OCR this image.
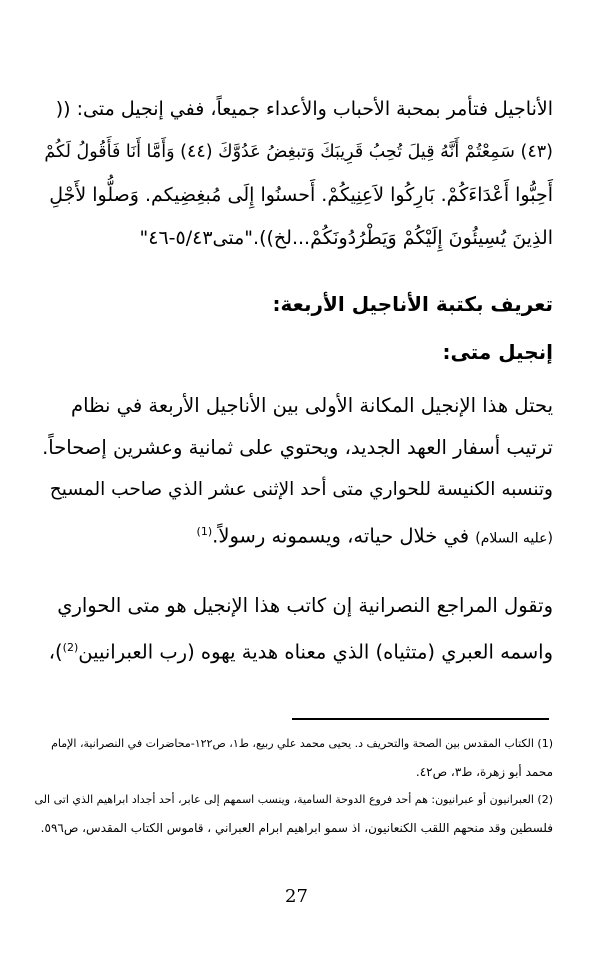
الأناجيل فتأمر بمحبة الأحباب والأعداء جميعاً، ففي إنجيل متى: ((
(٤٣) سَمِعْتُمْ أَنَّهُ قِيلَ تُحِبُ قَرِيبَكَ وَتبغِضُ عَدُوَّكَ (٤٤) وَأَمَّا أَنَا فَأَقُولُ لَكُمْ
أَحِبُّوا أَعْدَاءَكُمْ. بَارِكُوا لاَعِنِيكُمْ. أَحسنُوا إِلَى مُبغِضِيكم. وَصلُّوا لأَجْلِ
الذِينَ يُسِيئُونَ إِلَيْكُمْ وَيَطْرُدُونَكُمْ...لخ))."متى٥/٤٣-٤٦"
تعريف بكتبة الأناجيل الأربعة:
إنجيل متى:
يحتل هذا الإنجيل المكانة الأولى بين الأناجيل الأربعة في نظام
ترتيب أسفار العهد الجديد، ويحتوي على ثمانية وعشرين إصحاحاً.
وتنسبه الكنيسة للحواري متى أحد الإثنى عشر الذي صاحب المسيح
(عليه السلام) في خلال حياته، ويسمونه رسولاً.$^{(1)}$
وتقول المراجع النصرانية إن كاتب هذا الإنجيل هو متى الحواري
واسمه العبري (متثياه) الذي معناه هدية يهوه (رب العبرانيين$^{(2)}$)،
(1) الكتاب المقدس بين الصحة والتحريف د. يحيى محمد علي ربيع، ط١، ص١٢٢-محاضرات في النصرانية، الإمام
محمد أبو زهرة، ط٣، ص٤٢.
(2) العبرانيون أو عبرانيون: هم أحد فروع الدوحة السامية، وينسب اسمهم إلى عابر، أحد أجداد ابراهيم الذي اتى الى
فلسطين وقد منحهم اللقب الكنعانيون، اذ سمو ابراهيم ابرام العبراني ، قاموس الكتاب المقدس، ص٥٩٦.
27
